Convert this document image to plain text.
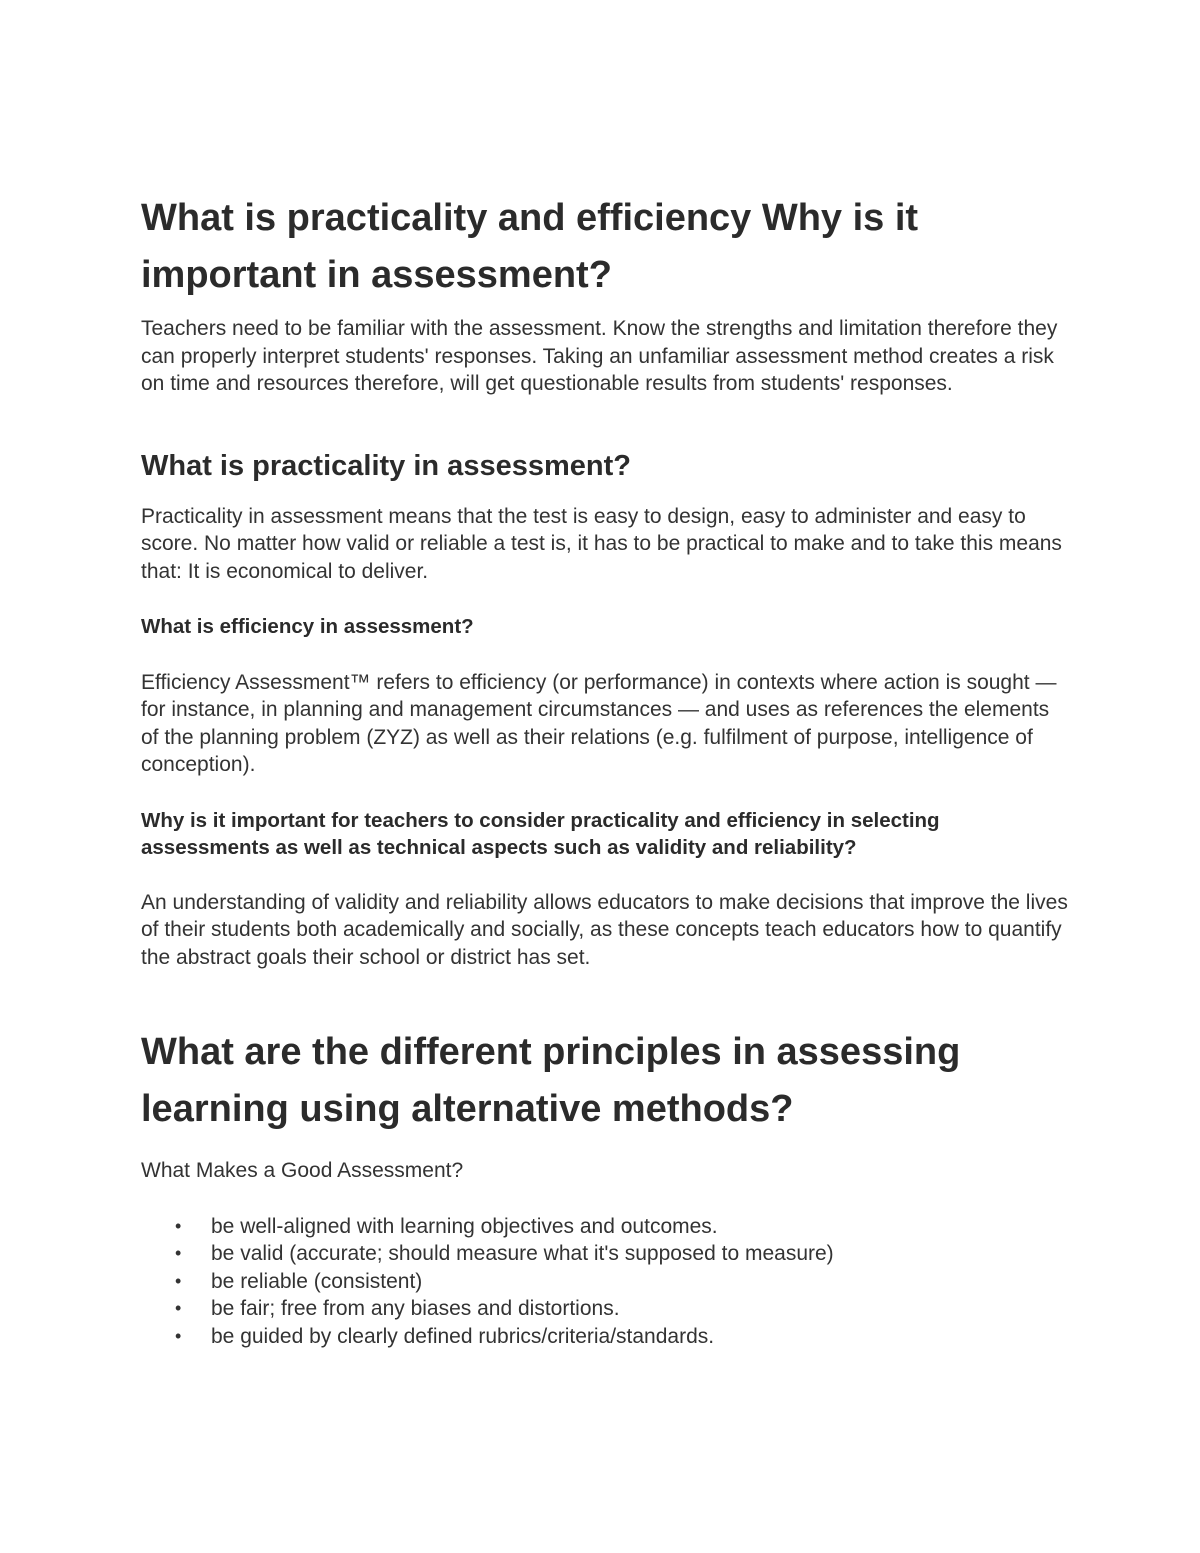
What is practicality and efficiency Why is it important in assessment?

Teachers need to be familiar with the assessment. Know the strengths and limitation therefore they can properly interpret students' responses. Taking an unfamiliar assessment method creates a risk on time and resources therefore, will get questionable results from students' responses.

What is practicality in assessment?

Practicality in assessment means that the test is easy to design, easy to administer and easy to score. No matter how valid or reliable a test is, it has to be practical to make and to take this means that: It is economical to deliver.

What is efficiency in assessment?

Efficiency Assessment™ refers to efficiency (or performance) in contexts where action is sought — for instance, in planning and management circumstances — and uses as references the elements of the planning problem (ZYZ) as well as their relations (e.g. fulfilment of purpose, intelligence of conception).

Why is it important for teachers to consider practicality and efficiency in selecting assessments as well as technical aspects such as validity and reliability?

An understanding of validity and reliability allows educators to make decisions that improve the lives of their students both academically and socially, as these concepts teach educators how to quantify the abstract goals their school or district has set.

What are the different principles in assessing learning using alternative methods?

What Makes a Good Assessment?

• be well-aligned with learning objectives and outcomes.
• be valid (accurate; should measure what it's supposed to measure)
• be reliable (consistent)
• be fair; free from any biases and distortions.
• be guided by clearly defined rubrics/criteria/standards.
